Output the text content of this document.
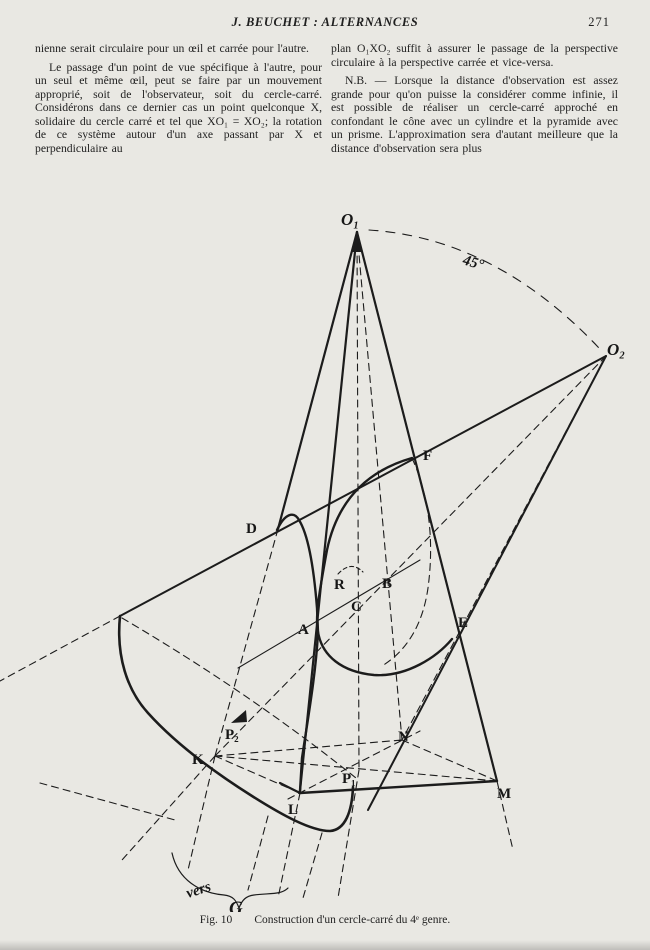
J. BEUCHET : ALTERNANCES	271

nienne serait circulaire pour un œil et carrée pour l'autre.

Le passage d'un point de vue spécifique à l'autre, pour un seul et même œil, peut se faire par un mouvement approprié, soit de l'observateur, soit du cercle-carré. Considérons dans ce dernier cas un point quelconque X, solidaire du cercle carré et tel que XO₁ = XO₂; la rotation de ce système autour d'un axe passant par X et perpendiculaire au

plan O₁XO₂ suffit à assurer le passage de la perspective circulaire à la perspective carrée et vice-versa.

N.B. — Lorsque la distance d'observation est assez grande pour qu'on puisse la considérer comme infinie, il est possible de réaliser un cercle-carré approché en confondant le cône avec un cylindre et la pyramide avec un prisme. L'approximation sera d'autant meilleure que la distance d'observation sera plus

O₁
45°
O₂
F
D
R B
C
A	E
P₂
K
N
P₁
M
L
vers
G
Fig. 10 Construction d'un cercle-carré du 4ᵉ genre.
